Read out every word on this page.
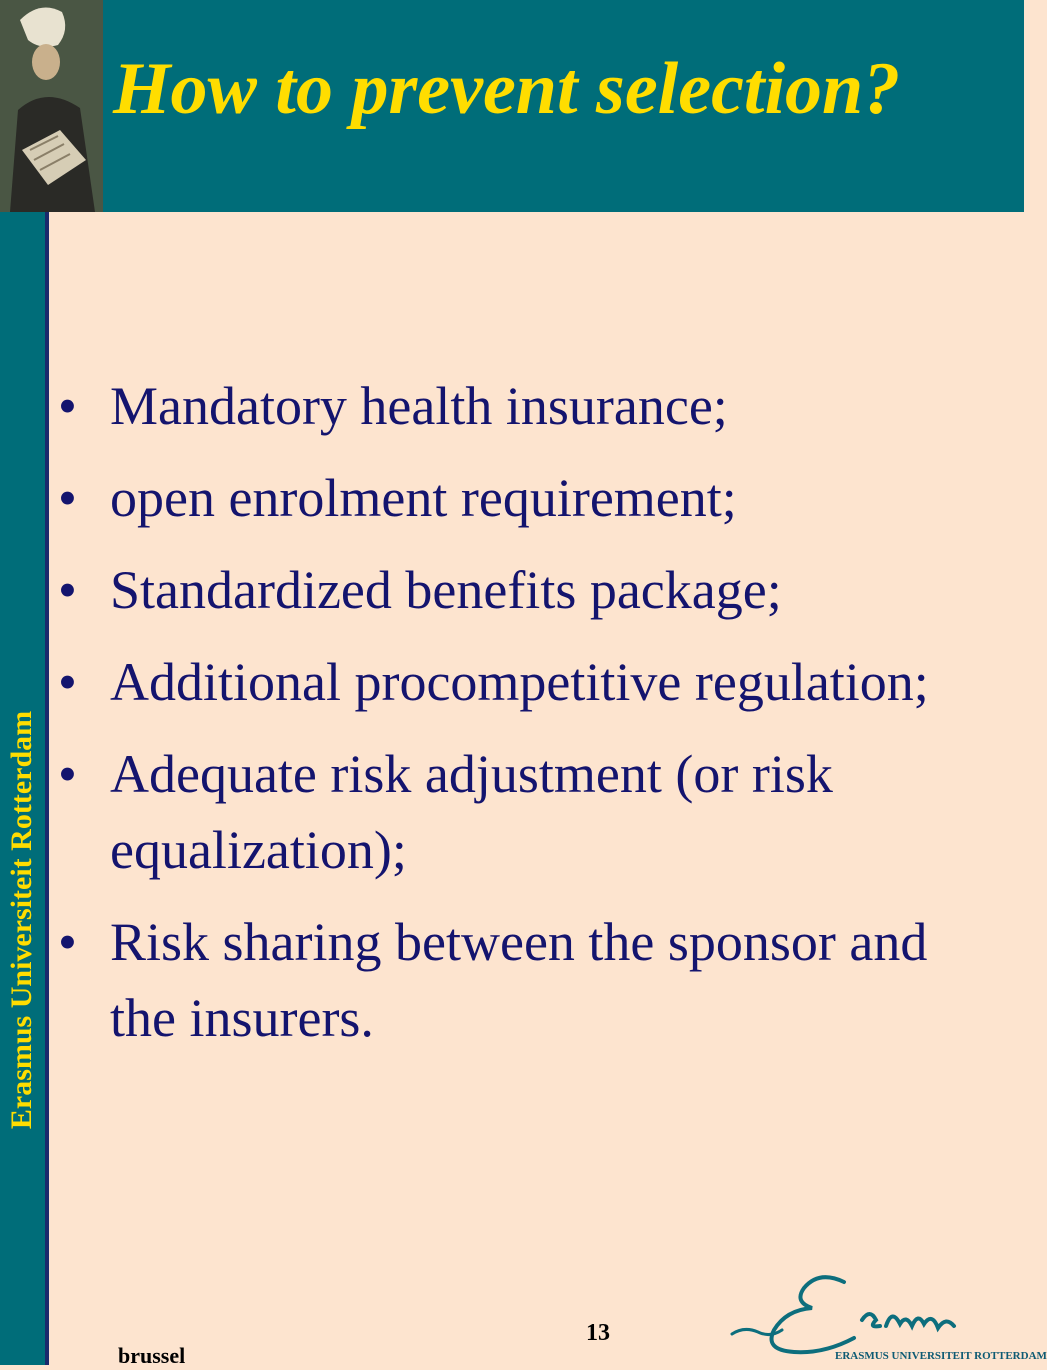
How to prevent selection?
Erasmus Universiteit Rotterdam
• Mandatory health insurance;
• open enrolment requirement;
• Standardized benefits package;
• Additional procompetitive regulation;
• Adequate risk adjustment (or risk equalization);
• Risk sharing between the sponsor and the insurers.
13
brussel	ERASMUS UNIVERSITEIT ROTTERDAM
